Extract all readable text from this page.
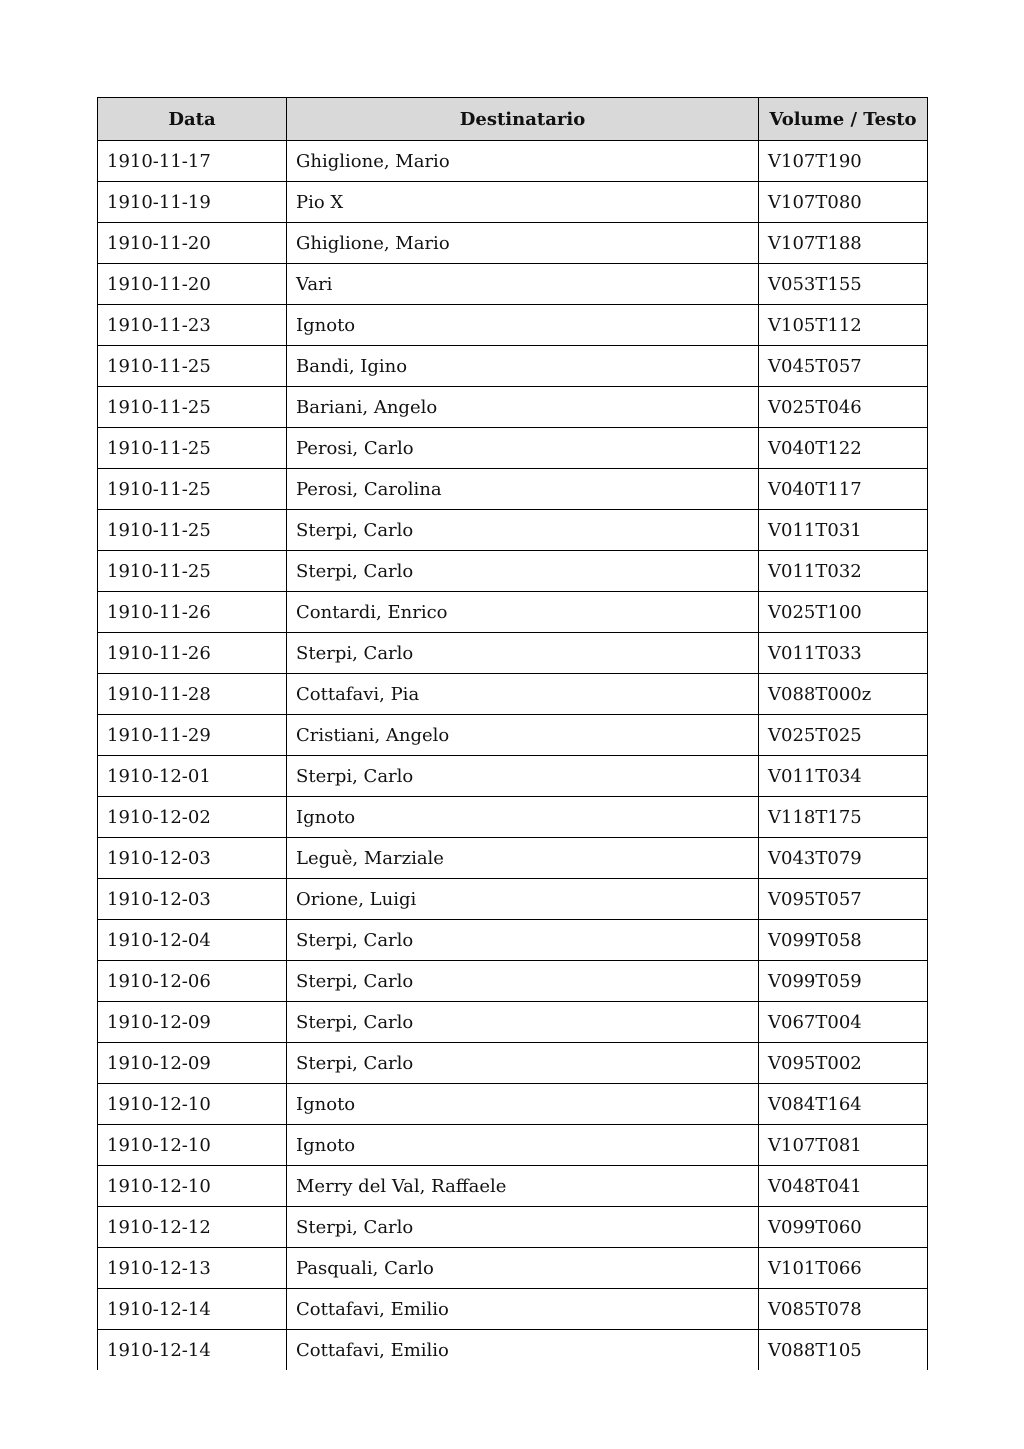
Data	Destinatario	Volume / Testo
1910-11-17	Ghiglione, Mario	V107T190
1910-11-19	Pio X	V107T080
1910-11-20	Ghiglione, Mario	V107T188
1910-11-20	Vari	V053T155
1910-11-23	Ignoto	V105T112
1910-11-25	Bandi, Igino	V045T057
1910-11-25	Bariani, Angelo	V025T046
1910-11-25	Perosi, Carlo	V040T122
1910-11-25	Perosi, Carolina	V040T117
1910-11-25	Sterpi, Carlo	V011T031
1910-11-25	Sterpi, Carlo	V011T032
1910-11-26	Contardi, Enrico	V025T100
1910-11-26	Sterpi, Carlo	V011T033
1910-11-28	Cottafavi, Pia	V088T000z
1910-11-29	Cristiani, Angelo	V025T025
1910-12-01	Sterpi, Carlo	V011T034
1910-12-02	Ignoto	V118T175
1910-12-03	Leguè, Marziale	V043T079
1910-12-03	Orione, Luigi	V095T057
1910-12-04	Sterpi, Carlo	V099T058
1910-12-06	Sterpi, Carlo	V099T059
1910-12-09	Sterpi, Carlo	V067T004
1910-12-09	Sterpi, Carlo	V095T002
1910-12-10	Ignoto	V084T164
1910-12-10	Ignoto	V107T081
1910-12-10	Merry del Val, Raffaele	V048T041
1910-12-12	Sterpi, Carlo	V099T060
1910-12-13	Pasquali, Carlo	V101T066
1910-12-14	Cottafavi, Emilio	V085T078
1910-12-14	Cottafavi, Emilio	V088T105
